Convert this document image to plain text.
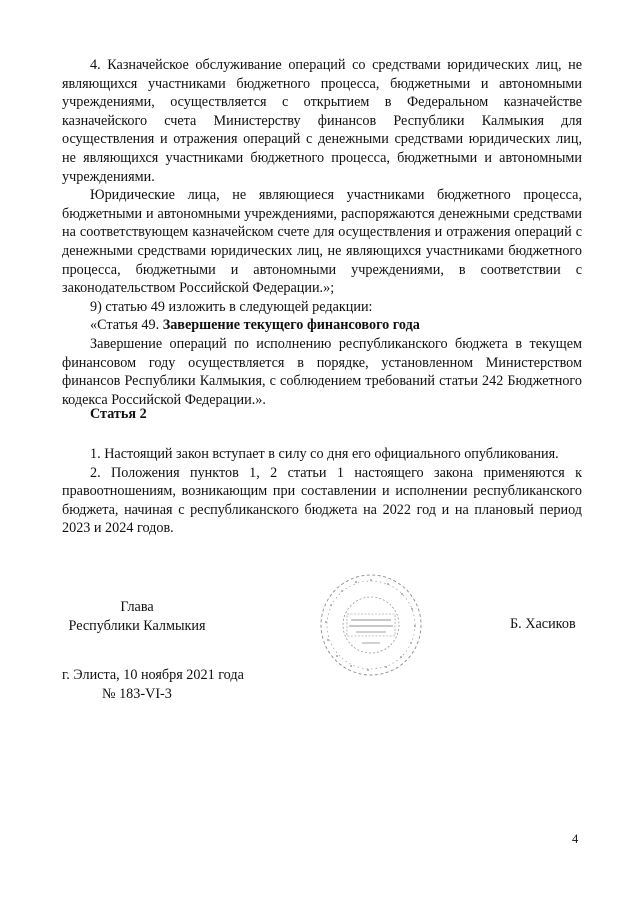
4. Казначейское обслуживание операций со средствами юридических лиц, не являющихся участниками бюджетного процесса, бюджетными и автономными учреждениями, осуществляется с открытием в Федеральном казначействе казначейского счета Министерству финансов Республики Калмыкия для осуществления и отражения операций с денежными средствами юридических лиц, не являющихся участниками бюджетного процесса, бюджетными и автономными учреждениями.

Юридические лица, не являющиеся участниками бюджетного процесса, бюджетными и автономными учреждениями, распоряжаются денежными средствами на соответствующем казначейском счете для осуществления и отражения операций с денежными средствами юридических лиц, не являющихся участниками бюджетного процесса, бюджетными и автономными учреждениями, в соответствии с законодательством Российской Федерации.»;

9) статью 49 изложить в следующей редакции:

«Статья 49. Завершение текущего финансового года

Завершение операций по исполнению республиканского бюджета в текущем финансовом году осуществляется в порядке, установленном Министерством финансов Республики Калмыкия, с соблюдением требований статьи 242 Бюджетного кодекса Российской Федерации.».

Статья 2

1. Настоящий закон вступает в силу со дня его официального опубликования.

2. Положения пунктов 1, 2 статьи 1 настоящего закона применяются к правоотношениям, возникающим при составлении и исполнении республиканского бюджета, начиная с республиканского бюджета на 2022 год и на плановый период 2023 и 2024 годов.

Глава
Республики Калмыкия	Б. Хасиков
г. Элиста, 10 ноября 2021 года
№ 183-VI-3
4
